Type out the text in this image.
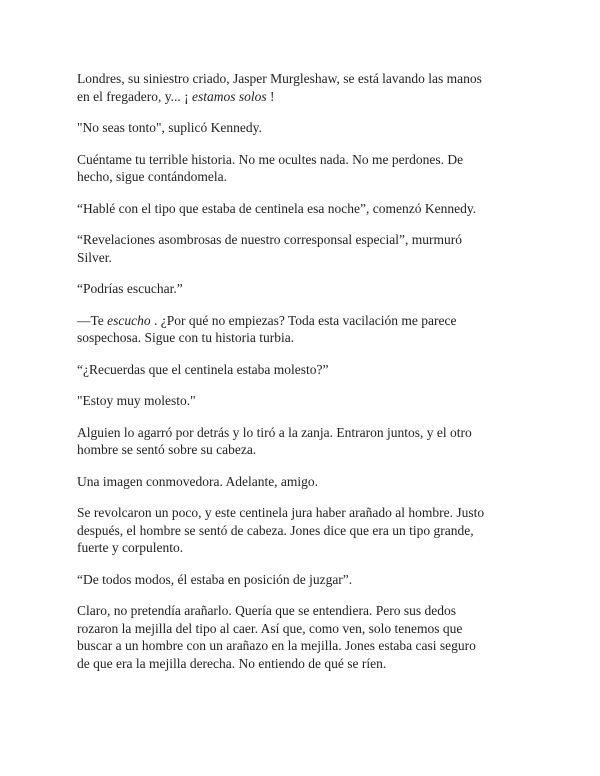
Londres, su siniestro criado, Jasper Murgleshaw, se está lavando las manos
en el fregadero, y... ¡ estamos solos !

"No seas tonto", suplicó Kennedy.

Cuéntame tu terrible historia. No me ocultes nada. No me perdones. De
hecho, sigue contándomela.

“Hablé con el tipo que estaba de centinela esa noche”, comenzó Kennedy.

“Revelaciones asombrosas de nuestro corresponsal especial”, murmuró
Silver.

“Podrías escuchar.”

—Te escucho . ¿Por qué no empiezas? Toda esta vacilación me parece
sospechosa. Sigue con tu historia turbia.

“¿Recuerdas que el centinela estaba molesto?”

"Estoy muy molesto."

Alguien lo agarró por detrás y lo tiró a la zanja. Entraron juntos, y el otro
hombre se sentó sobre su cabeza.

Una imagen conmovedora. Adelante, amigo.

Se revolcaron un poco, y este centinela jura haber arañado al hombre. Justo
después, el hombre se sentó de cabeza. Jones dice que era un tipo grande,
fuerte y corpulento.

“De todos modos, él estaba en posición de juzgar”.

Claro, no pretendía arañarlo. Quería que se entendiera. Pero sus dedos
rozaron la mejilla del tipo al caer. Así que, como ven, solo tenemos que
buscar a un hombre con un arañazo en la mejilla. Jones estaba casi seguro
de que era la mejilla derecha. No entiendo de qué se ríen.
